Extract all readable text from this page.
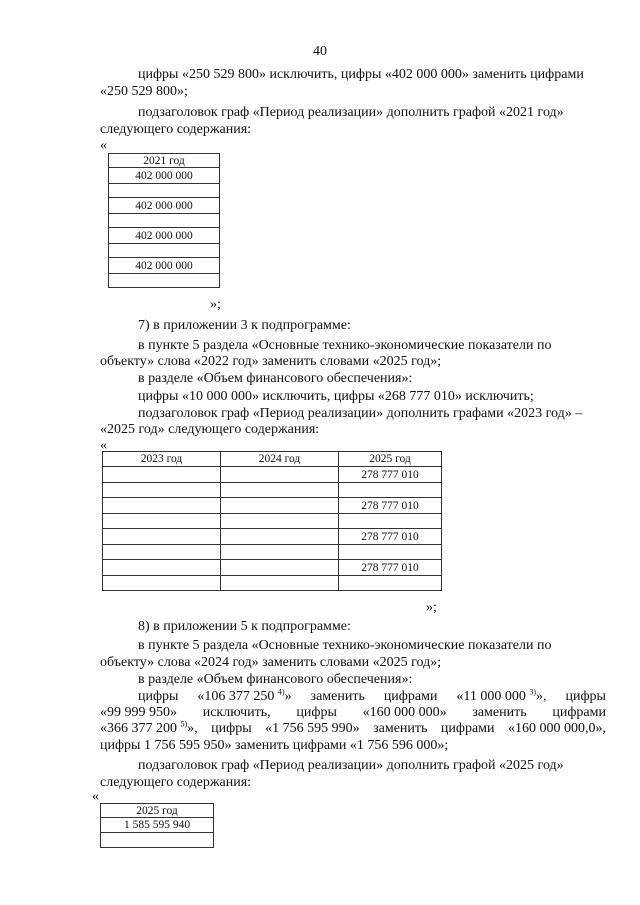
40
цифры «250 529 800» исключить, цифры «402 000 000» заменить цифрами
«250 529 800»;
подзаголовок граф «Период реализации» дополнить графой «2021 год»
следующего содержания:
«
2021 год
402 000 000

402 000 000

402 000 000

402 000 000

»;
7) в приложении 3 к подпрограмме:
в пункте 5 раздела «Основные технико-экономические показатели по
объекту» слова «2022 год» заменить словами «2025 год»;
в разделе «Объем финансового обеспечения»:
цифры «10 000 000» исключить, цифры «268 777 010» исключить;
подзаголовок граф «Период реализации» дополнить графами «2023 год» –
«2025 год» следующего содержания:
«
2023 год	2024 год	2025 год
		278 777 010

		278 777 010

		278 777 010

		278 777 010

»;
8) в приложении 5 к подпрограмме:
в пункте 5 раздела «Основные технико-экономические показатели по
объекту» слова «2024 год» заменить словами «2025 год»;
в разделе «Объем финансового обеспечения»:
цифры «106 377 250 $^{4)}$» заменить цифрами «11 000 000 $^{3)}$», цифры
«99 999 950» исключить, цифры «160 000 000» заменить цифрами
«366 377 200 $^{5)}$», цифры «1 756 595 990» заменить цифрами «160 000 000,0»,
цифры 1 756 595 950» заменить цифрами «1 756 596 000»;
подзаголовок граф «Период реализации» дополнить графой «2025 год»
следующего содержания:
«
2025 год
1 585 595 940
